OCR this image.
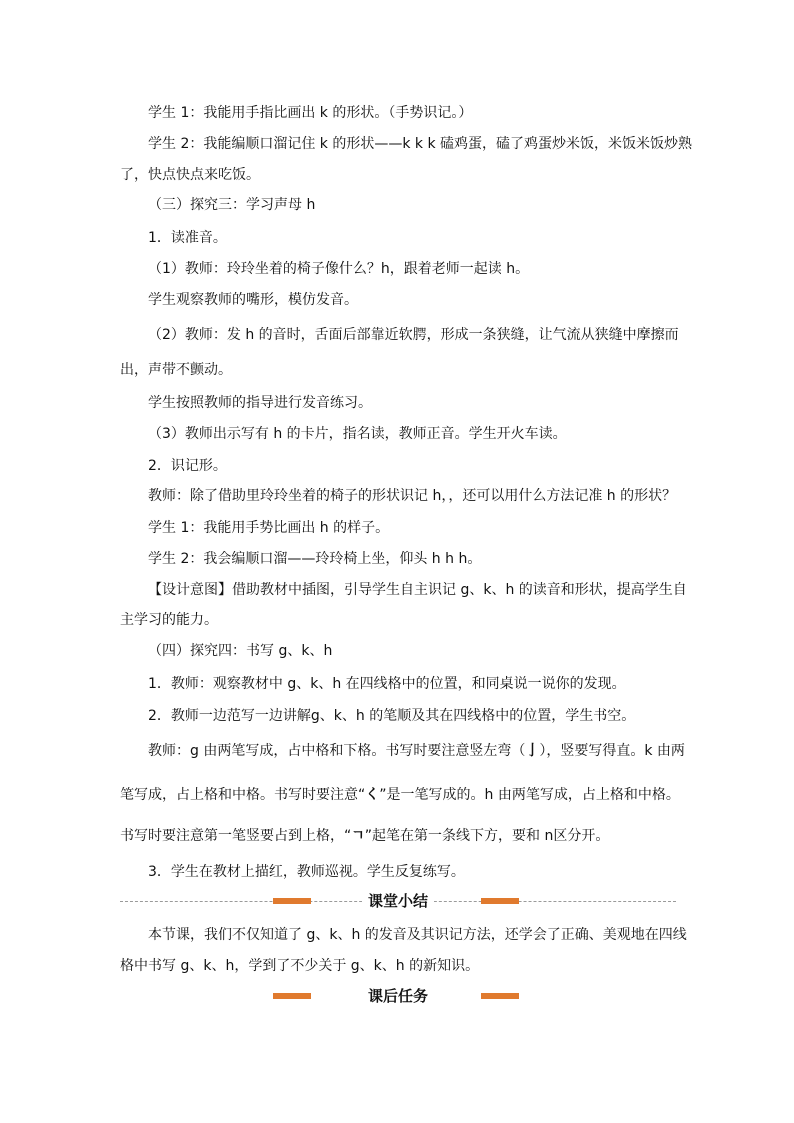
学生 1：我能用手指比画出 k 的形状。（手势识记。）
学生 2：我能编顺口溜记住 k 的形状——k k k 磕鸡蛋，磕了鸡蛋炒米饭，米饭米饭炒熟
了，快点快点来吃饭。
（三）探究三：学习声母 h
1．读准音。
（1）教师：玲玲坐着的椅子像什么？h，跟着老师一起读 h。
学生观察教师的嘴形，模仿发音。
（2）教师：发 h 的音时，舌面后部靠近软腭，形成一条狭缝，让气流从狭缝中摩擦而
出，声带不颤动。
学生按照教师的指导进行发音练习。
（3）教师出示写有 h 的卡片，指名读，教师正音。学生开火车读。
2．识记形。
教师：除了借助里玲玲坐着的椅子的形状识记 h，，还可以用什么方法记准 h 的形状？
学生 1：我能用手势比画出 h 的样子。
学生 2：我会编顺口溜——玲玲椅上坐，仰头 h h h。
【设计意图】借助教材中插图，引导学生自主识记 g、k、h 的读音和形状，提高学生自
主学习的能力。
（四）探究四：书写 g、k、h
1．教师：观察教材中 g、k、h 在四线格中的位置，和同桌说一说你的发现。
2．教师一边范写一边讲解g、k、h 的笔顺及其在四线格中的位置，学生书空。
教师：g 由两笔写成，占中格和下格。书写时要注意竖左弯（亅），竖要写得直。k 由两
笔写成，占上格和中格。书写时要注意“く”是一笔写成的。h 由两笔写成，占上格和中格。
书写时要注意第一笔竖要占到上格，“ㄱ”起笔在第一条线下方，要和 n区分开。
3．学生在教材上描红，教师巡视。学生反复练写。
课堂小结
本节课，我们不仅知道了 g、k、h 的发音及其识记方法，还学会了正确、美观地在四线
格中书写 g、k、h，学到了不少关于 g、k、h 的新知识。
课后任务
